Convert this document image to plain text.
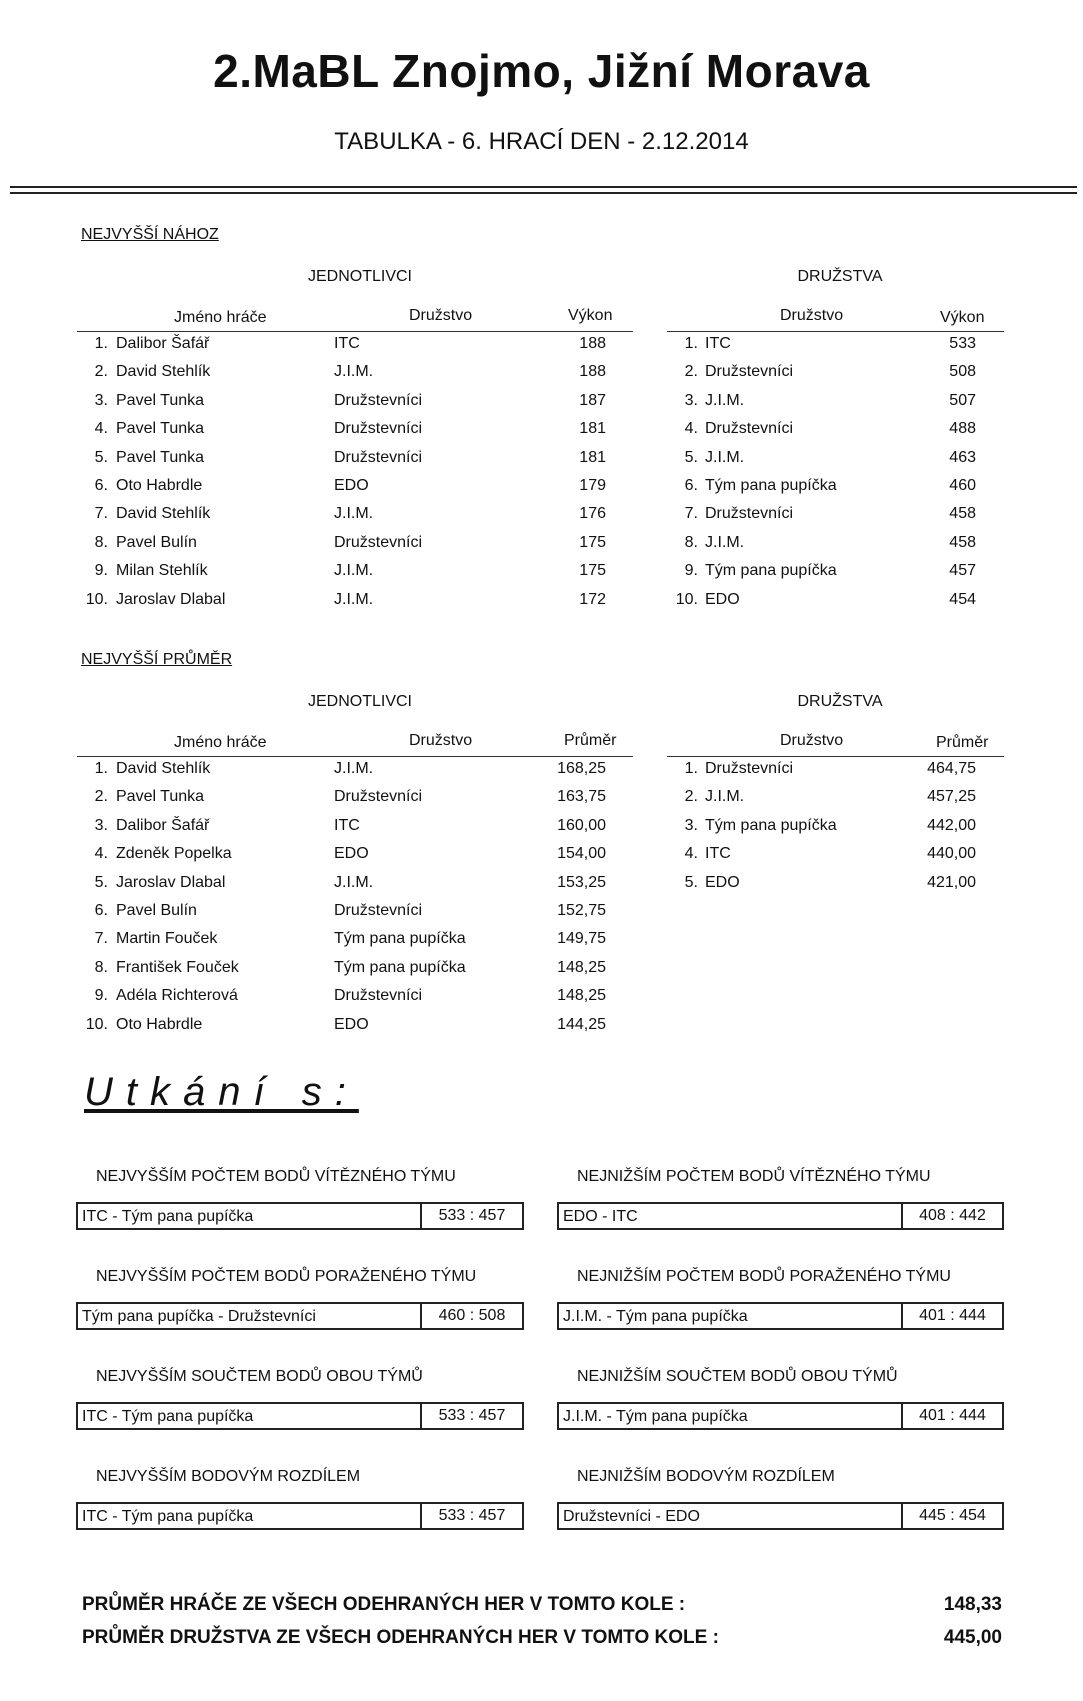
2.MaBL Znojmo, Jižní Morava
TABULKA - 6. HRACÍ DEN - 2.12.2014
NEJVYŠŠÍ NÁHOZ
JEDNOTLIVCI	DRUŽSTVA
Jméno hráče	Družstvo	Výkon	Družstvo	Výkon
1. Dalibor Šafář	ITC	188
2. David Stehlík	J.I.M.	188
3. Pavel Tunka	Družstevníci	187
4. Pavel Tunka	Družstevníci	181
5. Pavel Tunka	Družstevníci	181
6. Oto Habrdle	EDO	179
7. David Stehlík	J.I.M.	176
8. Pavel Bulín	Družstevníci	175
9. Milan Stehlík	J.I.M.	175
10. Jaroslav Dlabal	J.I.M.	172
1. ITC	533
2. Družstevníci	508
3. J.I.M.	507
4. Družstevníci	488
5. J.I.M.	463
6. Tým pana pupíčka	460
7. Družstevníci	458
8. J.I.M.	458
9. Tým pana pupíčka	457
10. EDO	454
NEJVYŠŠÍ PRŮMĚR
JEDNOTLIVCI	DRUŽSTVA
Jméno hráče	Družstvo	Průměr	Družstvo	Průměr
1. David Stehlík	J.I.M.	168,25
2. Pavel Tunka	Družstevníci	163,75
3. Dalibor Šafář	ITC	160,00
4. Zdeněk Popelka	EDO	154,00
5. Jaroslav Dlabal	J.I.M.	153,25
6. Pavel Bulín	Družstevníci	152,75
7. Martin Fouček	Tým pana pupíčka	149,75
8. František Fouček	Tým pana pupíčka	148,25
9. Adéla Richterová	Družstevníci	148,25
10. Oto Habrdle	EDO	144,25
1. Družstevníci	464,75
2. J.I.M.	457,25
3. Tým pana pupíčka	442,00
4. ITC	440,00
5. EDO	421,00
Utkání s:
NEJVYŠŠÍM POČTEM BODŮ VÍTĚZNÉHO TÝMU
ITC - Tým pana pupíčka	533 : 457
NEJVYŠŠÍM POČTEM BODŮ PORAŽENÉHO TÝMU
Tým pana pupíčka - Družstevníci	460 : 508
NEJVYŠŠÍM SOUČTEM BODŮ OBOU TÝMŮ
ITC - Tým pana pupíčka	533 : 457
NEJVYŠŠÍM BODOVÝM ROZDÍLEM
ITC - Tým pana pupíčka	533 : 457
NEJNIŽŠÍM POČTEM BODŮ VÍTĚZNÉHO TÝMU
EDO - ITC	408 : 442
NEJNIŽŠÍM POČTEM BODŮ PORAŽENÉHO TÝMU
J.I.M. - Tým pana pupíčka	401 : 444
NEJNIŽŠÍM SOUČTEM BODŮ OBOU TÝMŮ
J.I.M. - Tým pana pupíčka	401 : 444
NEJNIŽŠÍM BODOVÝM ROZDÍLEM
Družstevníci - EDO	445 : 454
PRŮMĚR HRÁČE ZE VŠECH ODEHRANÝCH HER V TOMTO KOLE :	148,33
PRŮMĚR DRUŽSTVA ZE VŠECH ODEHRANÝCH HER V TOMTO KOLE :	445,00
